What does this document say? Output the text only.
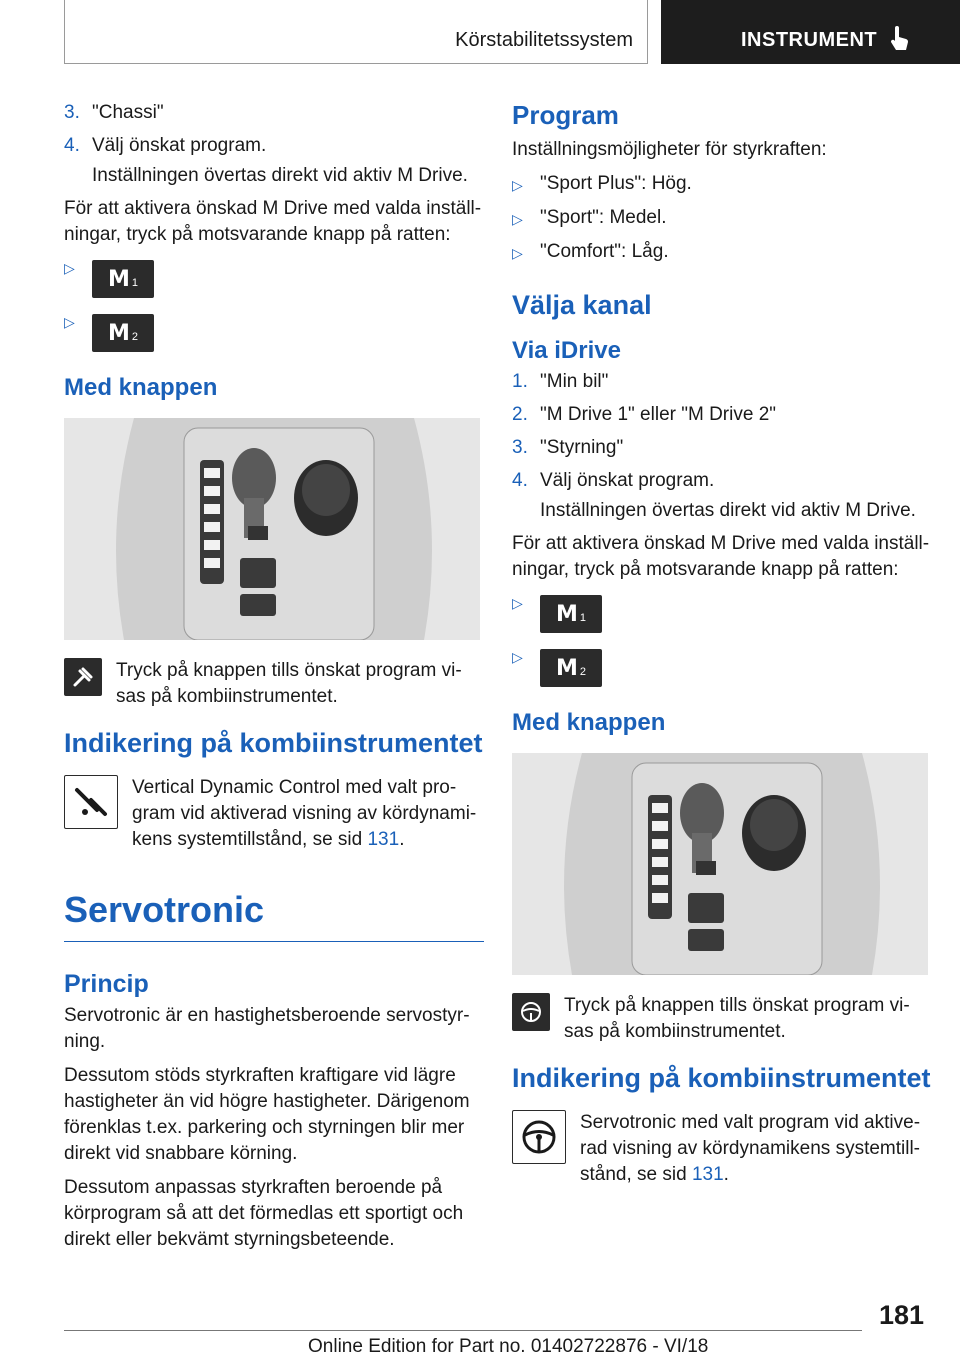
Körstabilitetssystem	INSTRUMENT
3. "Chassi"
4. Välj önskat program.
Inställningen övertas direkt vid aktiv M Drive.

För att aktivera önskad M Drive med valda inställ-ningar, tryck på motsvarande knapp på ratten:

▷	M 1
▷	M 2
Med knappen

Tryck på knappen tills önskat program vi-sas på kombiinstrumentet.

Indikering på kombiinstrumentet

Vertical Dynamic Control med valt pro-gram vid aktiverad visning av kördynami-kens systemtillstånd, se sid 131.

Servotronic
Princip

Servotronic är en hastighetsberoende servostyr-ning.

Dessutom stöds styrkraften kraftigare vid lägre hastigheter än vid högre hastigheter. Därigenom förenklas t.ex. parkering och styrningen blir mer direkt vid snabbare körning.

Dessutom anpassas styrkraften beroende på körprogram så att det förmedlas ett sportigt och direkt eller bekvämt styrningsbeteende.

Program

Inställningsmöjligheter för styrkraften:

▷ "Sport Plus": Hög.
▷ "Sport": Medel.
▷ "Comfort": Låg.
Välja kanal
Via iDrive
1. "Min bil"
2. "M Drive 1" eller "M Drive 2"
3. "Styrning"
4. Välj önskat program.
Inställningen övertas direkt vid aktiv M Drive.

För att aktivera önskad M Drive med valda inställ-ningar, tryck på motsvarande knapp på ratten:

▷	M 1
▷	M 2
Med knappen

Tryck på knappen tills önskat program vi-sas på kombiinstrumentet.

Indikering på kombiinstrumentet

Servotronic med valt program vid aktive-rad visning av kördynamikens systemtill-stånd, se sid 131.

181
Online Edition for Part no. 01402722876 - VI/18
